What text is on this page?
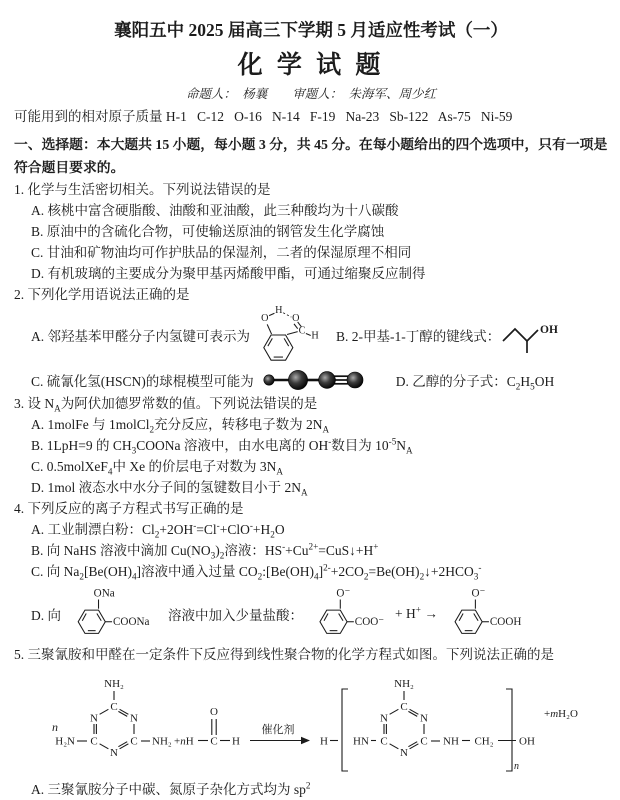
襄阳五中 2025 届高三下学期 5 月适应性考试（一）
化 学 试 题
命题人：  杨襄        审题人：  朱海军、周少红
可能用到的相对原子质量 H-1   C-12   O-16   N-14   F-19   Na-23   Sb-122   As-75   Ni-59
一、选择题：本大题共 15 小题，每小题 3 分，共 45 分。在每小题给出的四个选项中，只有一项是符合题目要求的。
1. 化学与生活密切相关。下列说法错误的是
A. 核桃中富含硬脂酸、油酸和亚油酸，此三种酸均为十八碳酸
B. 原油中的含硫化合物，可使输送原油的钢管发生化学腐蚀
C. 甘油和矿物油均可作护肤品的保湿剂，二者的保湿原理不相同
D. 有机玻璃的主要成分为聚甲基丙烯酸甲酯，可通过缩聚反应制得
2. 下列化学用语说法正确的是
A. 邻羟基苯甲醛分子内氢键可表示为
O
H
O
C H B. 2-甲基-1-丁醇的键线式：	OH
C. 硫氰化氢(HSCN)的球棍模型可能为	D. 乙醇的分子式：$C_2H_5OH$
3. 设 $N_A$为阿伏加德罗常数的值。下列说法错误的是
A. 1molFe 与 1molCl$_2$充分反应，转移电子数为 $2N_A$
B. 1LpH=9 的 $CH_3COONa$ 溶液中，由水电离的 OH-数目为 $10^{-5}N_A$
C. 0.5molXeF$_4$中 Xe 的价层电子对数为 $3N_A$
D. 1mol 液态水中水分子间的氢键数目小于 $2N_A$
4. 下列反应的离子方程式书写正确的是
A. 工业制漂白粉：$Cl_2+2OH^-=Cl^-+ClO^-+H_2O$
B. 向 NaHS 溶液中滴加 $Cu(NO_3)_2$溶液：$HS^-+Cu^{2+}=CuS↓+H^+$
C. 向 $Na_2[Be(OH)_4]$溶液中通入过量 $CO_2:[Be(OH)_4]^{2-}+2CO_2=Be(OH)_2↓+2HCO_3^-$
D. 向
ONa
COONa 溶液中加入少量盐酸：
O⁻
COO⁻
+ H+ →
O⁻
COOH
5. 三聚氰胺和甲醛在一定条件下反应得到线性聚合物的化学方程式如图。下列说法正确的是
n
C
N
C
N
C
N
NH₂
H₂N	NH₂ +nH C H
O
催化剂
H HN
C
N
C
N
C
N
NH₂
NH CH₂
n
OH
+mH₂O
A. 三聚氰胺分子中碳、氮原子杂化方式均为 $sp^2$
